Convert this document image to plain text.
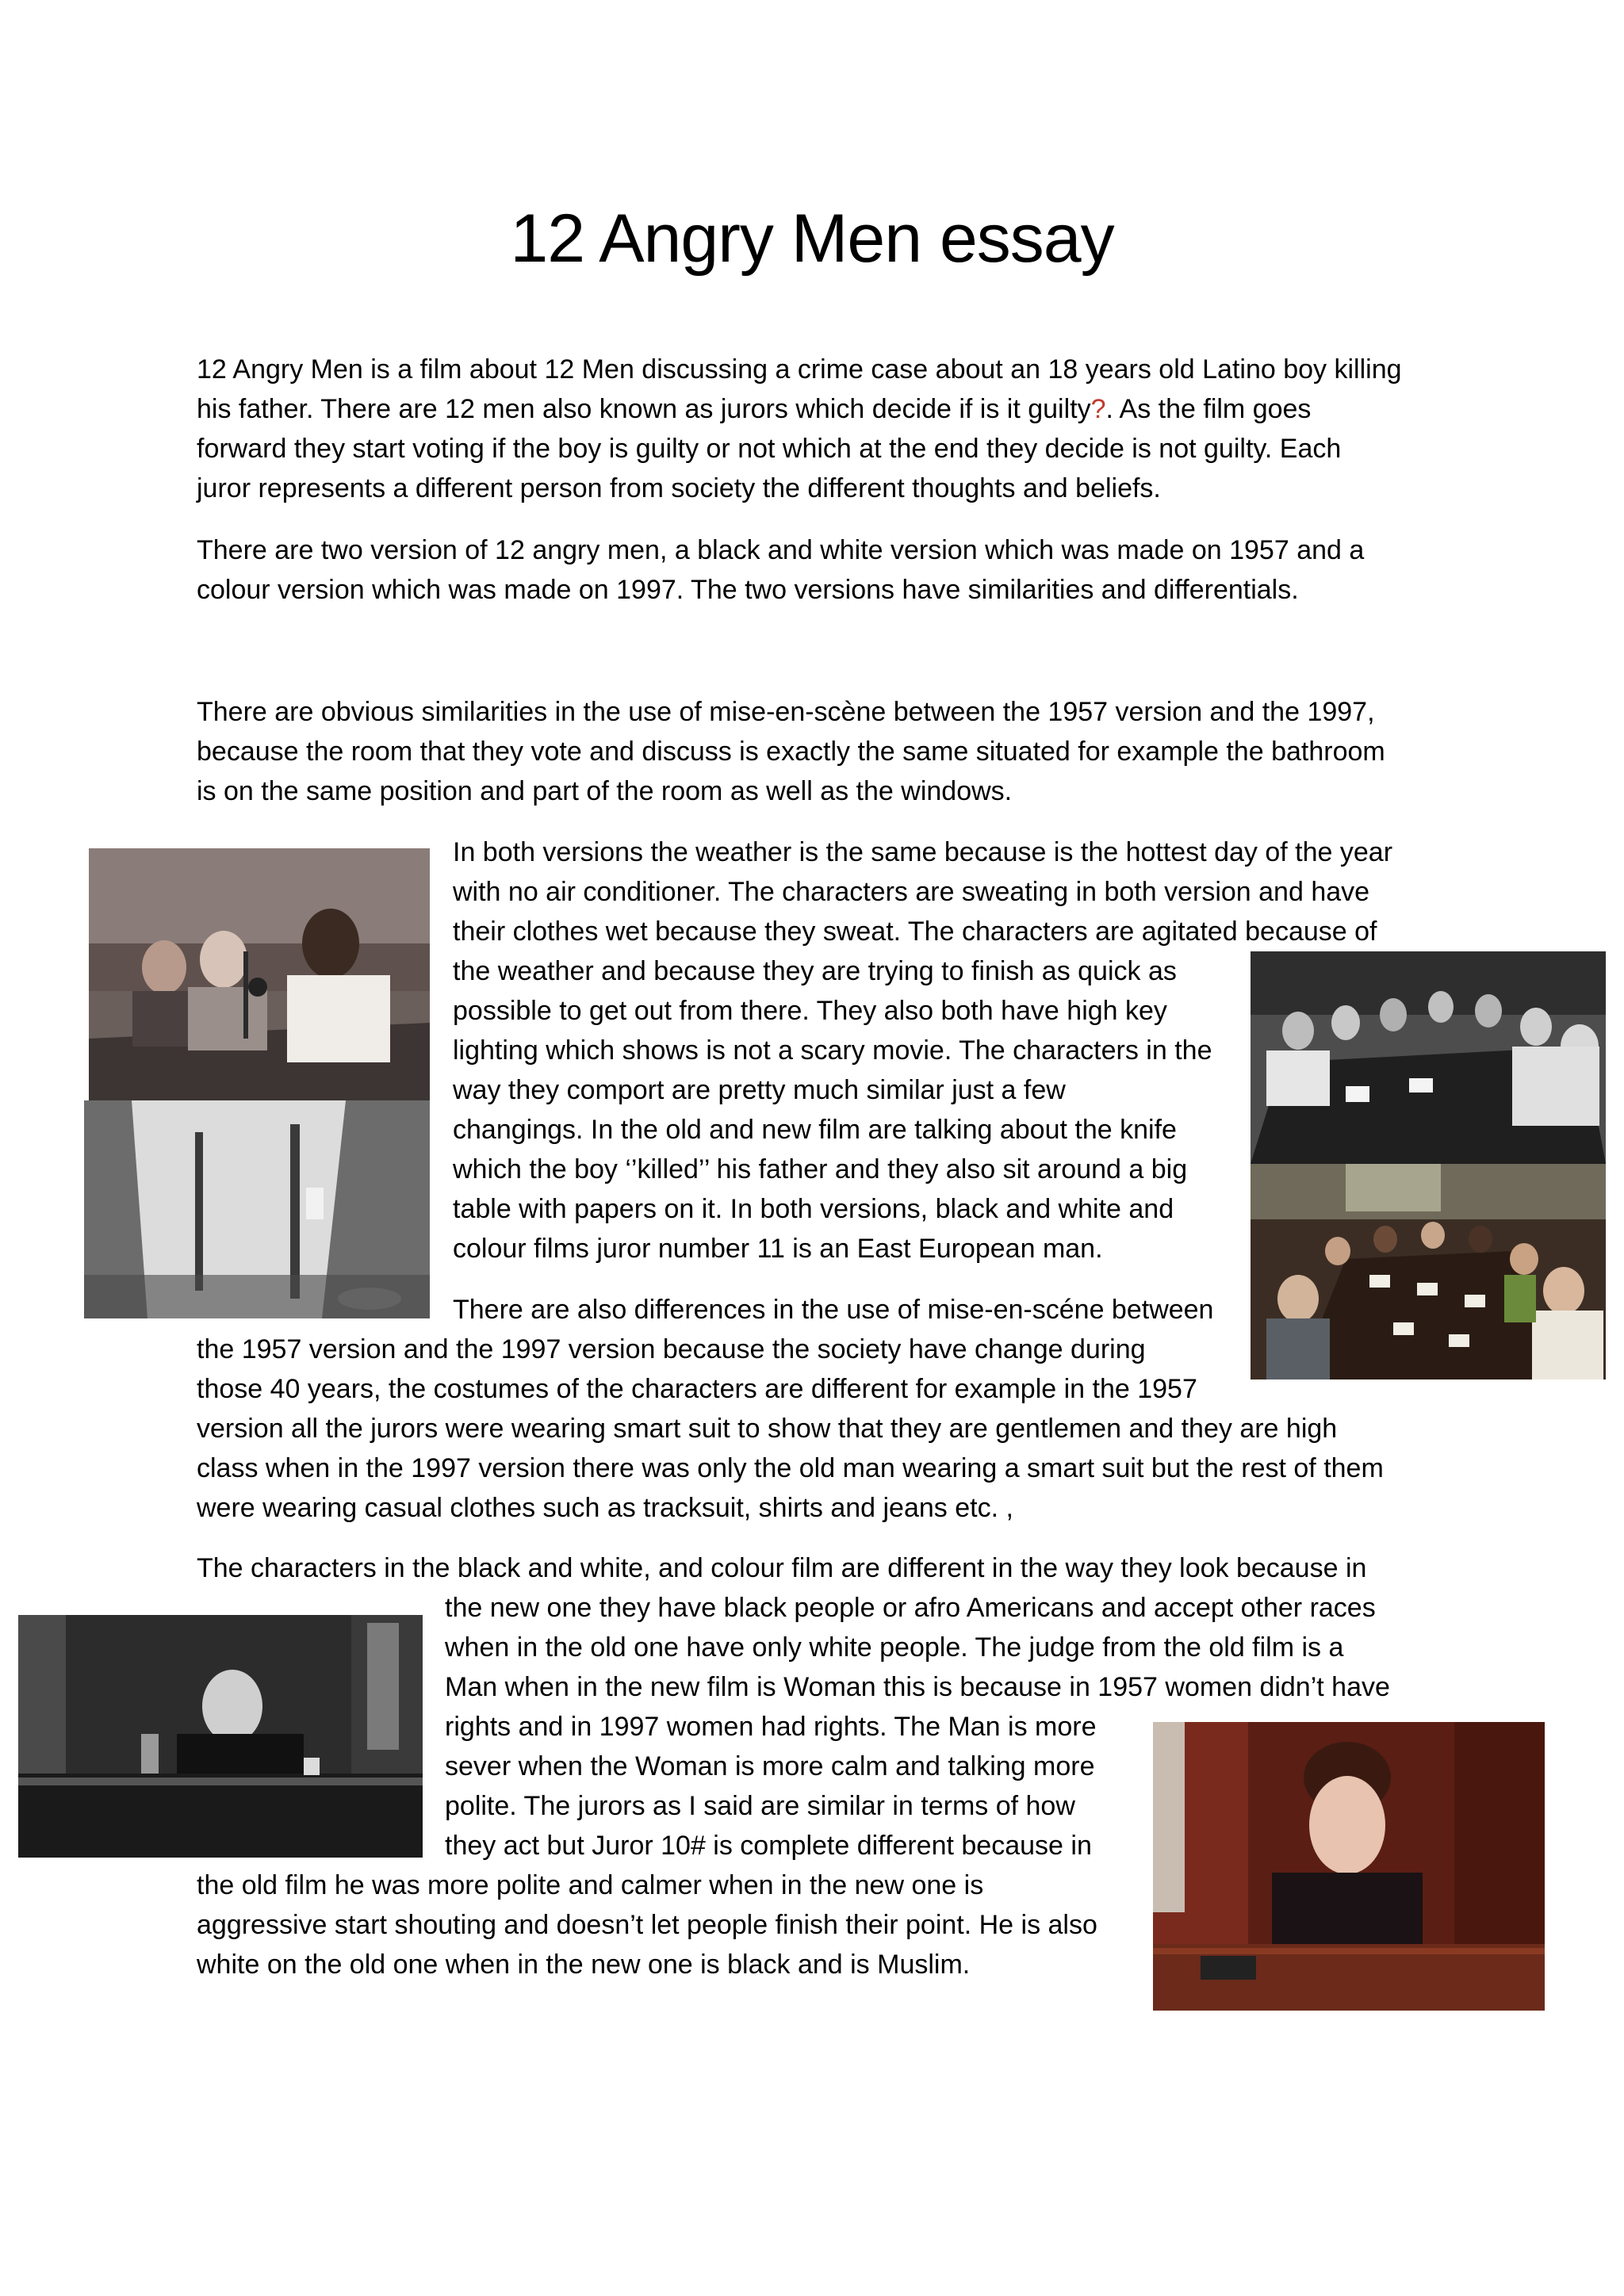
12 Angry Men essay
12 Angry Men is a film about 12 Men discussing a crime case about an 18 years old Latino boy killing
his father. There are 12 men also known as jurors which decide if is it guilty?. As the film goes
forward they start voting if the boy is guilty or not which at the end they decide is not guilty. Each
juror represents a different person from society the different thoughts and beliefs.
There are two version of 12 angry men, a black and white version which was made on 1957 and a
colour version which was made on 1997. The two versions have similarities and differentials.
There are obvious similarities in the use of mise-en-scène between the 1957 version and the 1997,
because the room that they vote and discuss is exactly the same situated for example the bathroom
is on the same position and part of the room as well as the windows.
In both versions the weather is the same because is the hottest day of the year
with no air conditioner. The characters are sweating in both version and have
their clothes wet because they sweat. The characters are agitated because of
the weather and because they are trying to finish as quick as
possible to get out from there. They also both have high key
lighting which shows is not a scary movie. The characters in the
way they comport are pretty much similar just a few
changings. In the old and new film are talking about the knife
which the boy ‘’killed’’ his father and they also sit around a big
table with papers on it. In both versions, black and white and
colour films juror number 11 is an East European man.
There are also differences in the use of mise-en-scéne between
the 1957 version and the 1997 version because the society have change during
those 40 years, the costumes of the characters are different for example in the 1957
version all the jurors were wearing smart suit to show that they are gentlemen and they are high
class when in the 1997 version there was only the old man wearing a smart suit but the rest of them
were wearing casual clothes such as tracksuit, shirts and jeans etc. ,
The characters in the black and white, and colour film are different in the way they look because in
the new one they have black people or afro Americans and accept other races
when in the old one have only white people. The judge from the old film is a
Man when in the new film is Woman this is because in 1957 women didn’t have
rights and in 1997 women had rights. The Man is more
sever when the Woman is more calm and talking more
polite. The jurors as I said are similar in terms of how
they act but Juror 10# is complete different because in
the old film he was more polite and calmer when in the new one is
aggressive start shouting and doesn’t let people finish their point. He is also
white on the old one when in the new one is black and is Muslim.
